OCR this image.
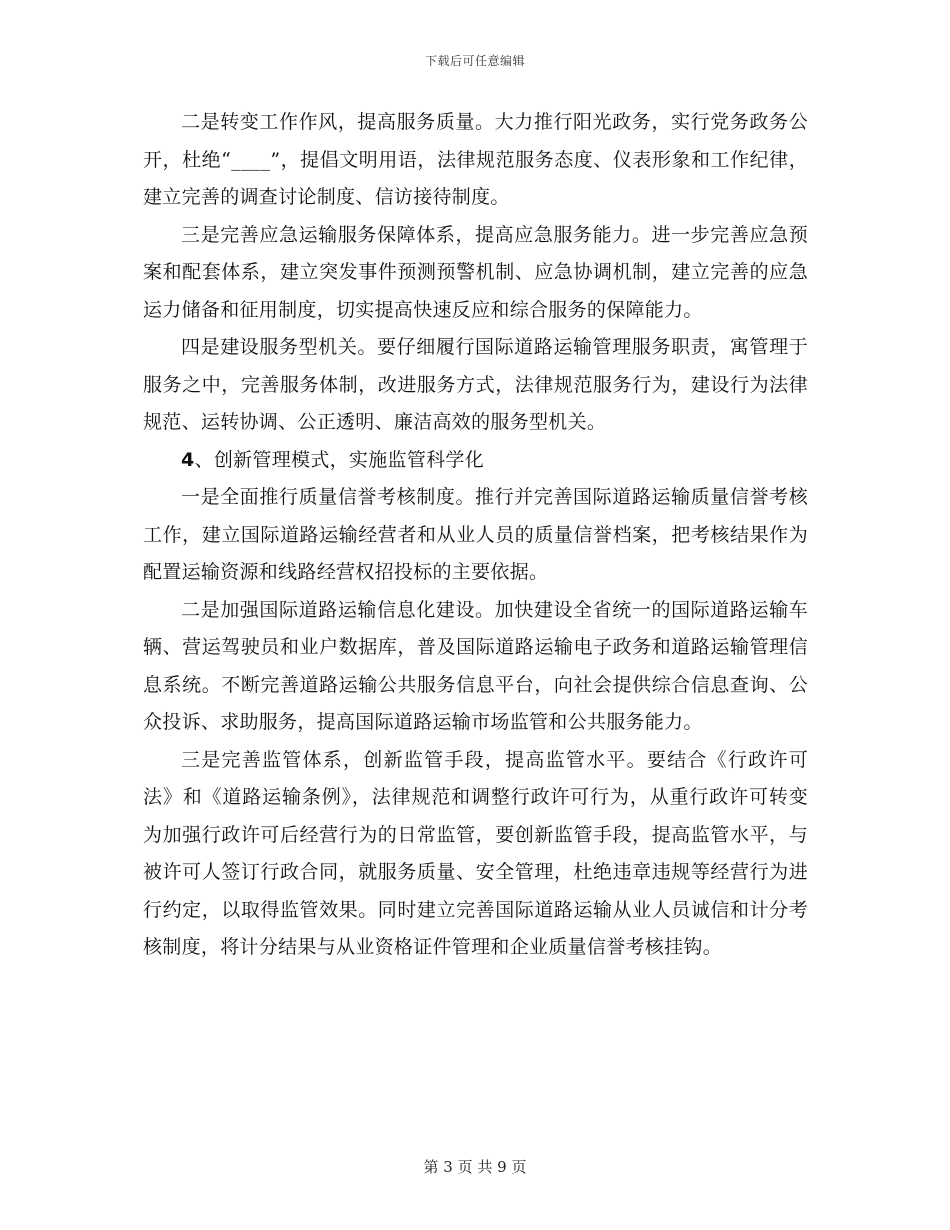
下载后可任意编辑

二是转变工作作风，提高服务质量。大力推行阳光政务，实行党务政务公开，杜绝“____”，提倡文明用语，法律规范服务态度、仪表形象和工作纪律，建立完善的调查讨论制度、信访接待制度。

三是完善应急运输服务保障体系，提高应急服务能力。进一步完善应急预案和配套体系，建立突发事件预测预警机制、应急协调机制，建立完善的应急运力储备和征用制度，切实提高快速反应和综合服务的保障能力。

四是建设服务型机关。要仔细履行国际道路运输管理服务职责，寓管理于服务之中，完善服务体制，改进服务方式，法律规范服务行为，建设行为法律规范、运转协调、公正透明、廉洁高效的服务型机关。

4、创新管理模式，实施监管科学化

一是全面推行质量信誉考核制度。推行并完善国际道路运输质量信誉考核工作，建立国际道路运输经营者和从业人员的质量信誉档案，把考核结果作为配置运输资源和线路经营权招投标的主要依据。

二是加强国际道路运输信息化建设。加快建设全省统一的国际道路运输车辆、营运驾驶员和业户数据库，普及国际道路运输电子政务和道路运输管理信息系统。不断完善道路运输公共服务信息平台，向社会提供综合信息查询、公众投诉、求助服务，提高国际道路运输市场监管和公共服务能力。

三是完善监管体系，创新监管手段，提高监管水平。要结合《行政许可法》和《道路运输条例》，法律规范和调整行政许可行为，从重行政许可转变为加强行政许可后经营行为的日常监管，要创新监管手段，提高监管水平，与被许可人签订行政合同，就服务质量、安全管理，杜绝违章违规等经营行为进行约定，以取得监管效果。同时建立完善国际道路运输从业人员诚信和计分考核制度，将计分结果与从业资格证件管理和企业质量信誉考核挂钩。

第 3 页 共 9 页
